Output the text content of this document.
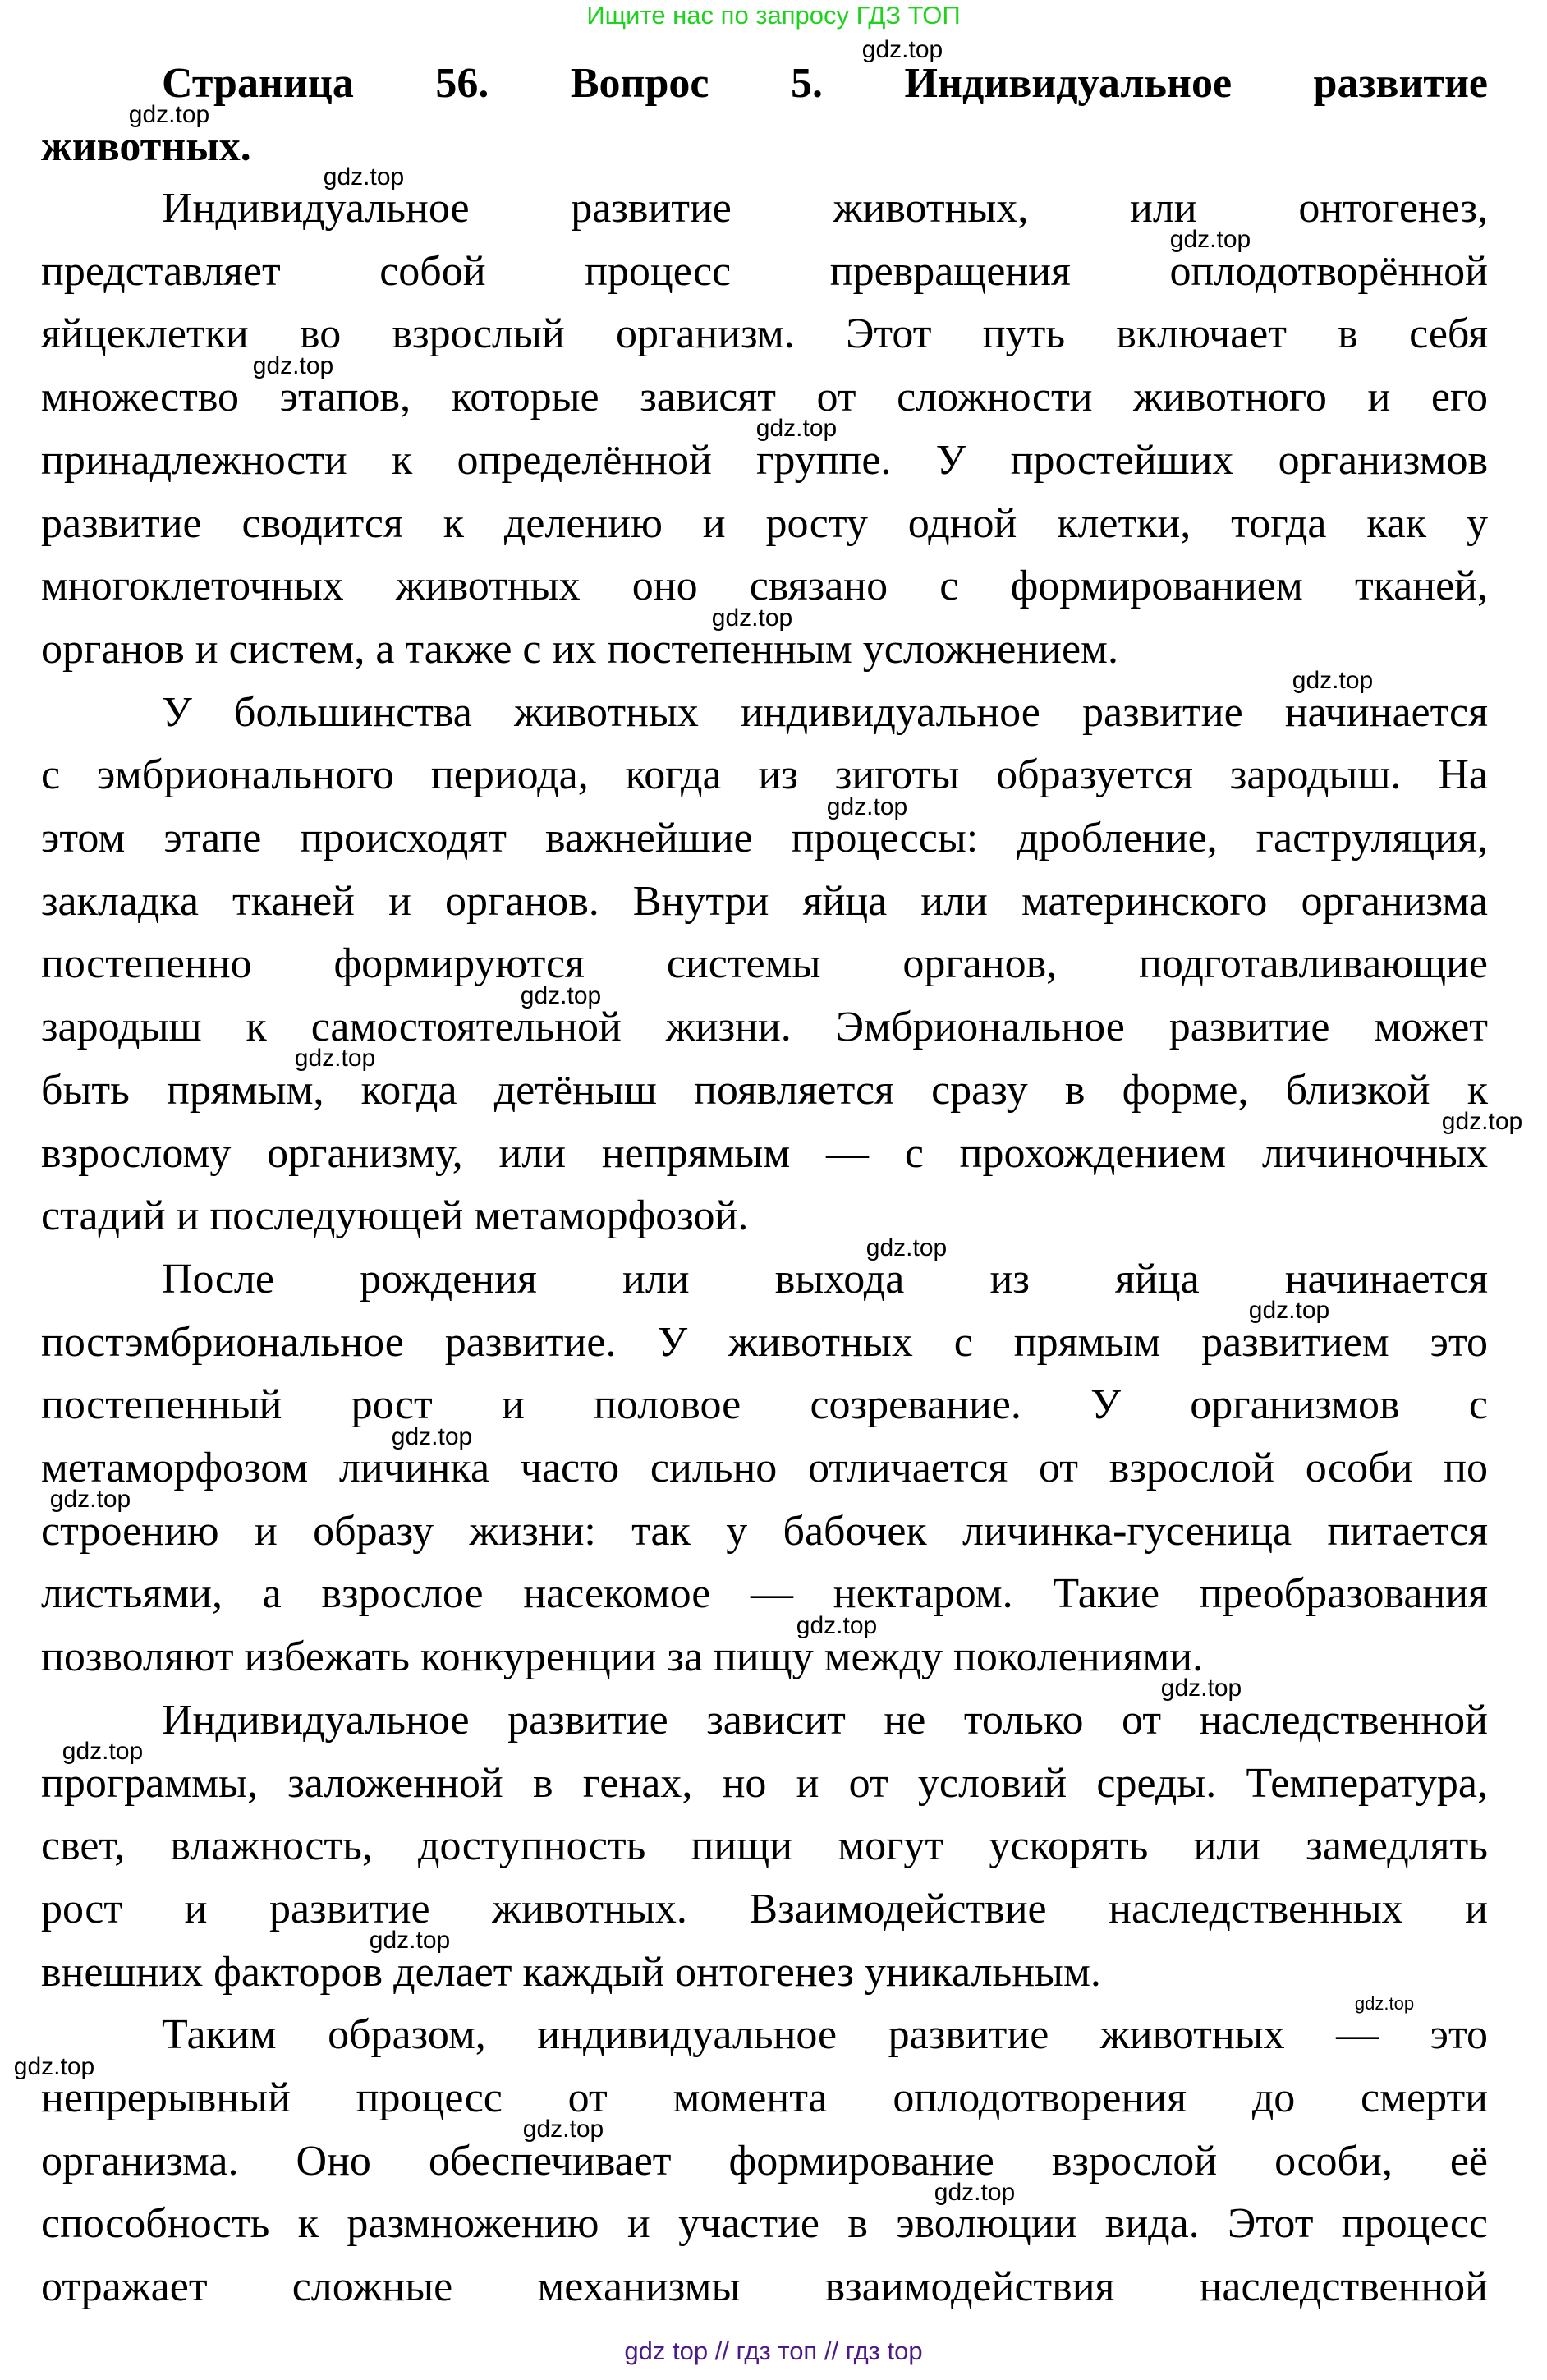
Ищите нас по запросу ГДЗ ТОП
Страница 56. Вопрос 5. Индивидуальное развитие
животных.
Индивидуальное развитие животных, или онтогенез,
представляет собой процесс превращения оплодотворённой
яйцеклетки во взрослый организм. Этот путь включает в себя
множество этапов, которые зависят от сложности животного и его
принадлежности к определённой группе. У простейших организмов
развитие сводится к делению и росту одной клетки, тогда как у
многоклеточных животных оно связано с формированием тканей,
органов и систем, а также с их постепенным усложнением.
У большинства животных индивидуальное развитие начинается
с эмбрионального периода, когда из зиготы образуется зародыш. На
этом этапе происходят важнейшие процессы: дробление, гаструляция,
закладка тканей и органов. Внутри яйца или материнского организма
постепенно формируются системы органов, подготавливающие
зародыш к самостоятельной жизни. Эмбриональное развитие может
быть прямым, когда детёныш появляется сразу в форме, близкой к
взрослому организму, или непрямым — с прохождением личиночных
стадий и последующей метаморфозой.
После рождения или выхода из яйца начинается
постэмбриональное развитие. У животных с прямым развитием это
постепенный рост и половое созревание. У организмов с
метаморфозом личинка часто сильно отличается от взрослой особи по
строению и образу жизни: так у бабочек личинка-гусеница питается
листьями, а взрослое насекомое — нектаром. Такие преобразования
позволяют избежать конкуренции за пищу между поколениями.
Индивидуальное развитие зависит не только от наследственной
программы, заложенной в генах, но и от условий среды. Температура,
свет, влажность, доступность пищи могут ускорять или замедлять
рост и развитие животных. Взаимодействие наследственных и
внешних факторов делает каждый онтогенез уникальным.
Таким образом, индивидуальное развитие животных — это
непрерывный процесс от момента оплодотворения до смерти
организма. Оно обеспечивает формирование взрослой особи, её
способность к размножению и участие в эволюции вида. Этот процесс
отражает сложные механизмы взаимодействия наследственной
gdz.top
gdz.top
gdz.top
gdz.top
gdz.top
gdz.top
gdz.top
gdz.top
gdz.top
gdz.top
gdz.top
gdz.top
gdz.top
gdz.top
gdz.top
gdz.top
gdz.top
gdz.top
gdz.top
gdz.top
gdz.top
gdz.top
gdz.top
gdz.top
gdz top // гдз топ // гдз top
